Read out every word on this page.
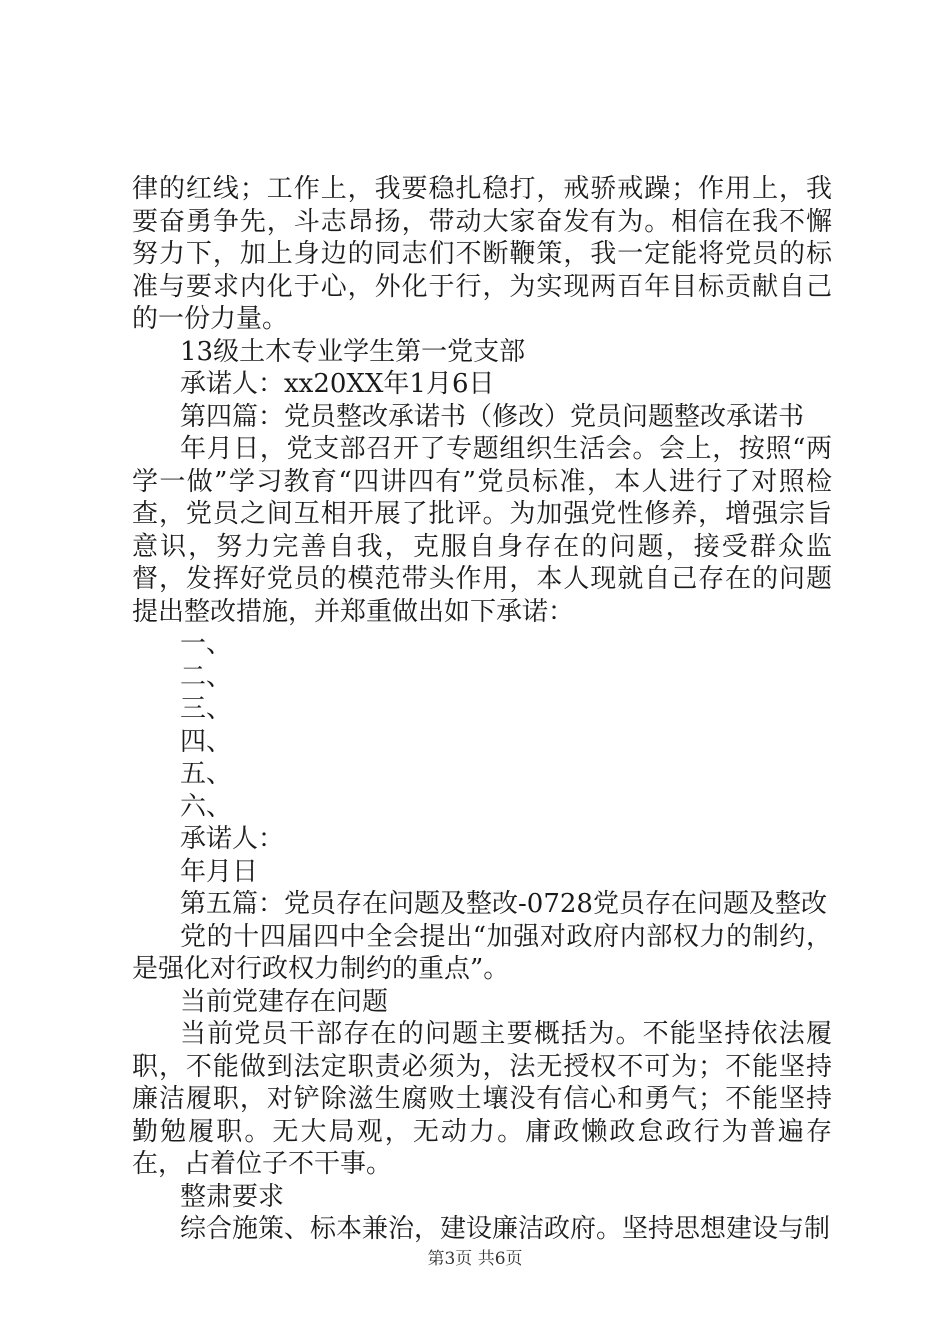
律的红线；工作上，我要稳扎稳打，戒骄戒躁；作用上，我要奋勇争先，斗志昂扬，带动大家奋发有为。相信在我不懈努力下，加上身边的同志们不断鞭策，我一定能将党员的标准与要求内化于心，外化于行，为实现两百年目标贡献自己的一份力量。

13级土木专业学生第一党支部

承诺人：xx20XX年1月6日

第四篇：党员整改承诺书（修改）党员问题整改承诺书

年月日，党支部召开了专题组织生活会。会上，按照“两学一做”学习教育“四讲四有”党员标准，本人进行了对照检查，党员之间互相开展了批评。为加强党性修养，增强宗旨意识，努力完善自我，克服自身存在的问题，接受群众监督，发挥好党员的模范带头作用，本人现就自己存在的问题提出整改措施，并郑重做出如下承诺：

一、

二、

三、

四、

五、

六、

承诺人：

年月日

第五篇：党员存在问题及整改-0728党员存在问题及整改

党的十四届四中全会提出“加强对政府内部权力的制约，是强化对行政权力制约的重点”。

当前党建存在问题

当前党员干部存在的问题主要概括为。不能坚持依法履职，不能做到法定职责必须为，法无授权不可为；不能坚持廉洁履职，对铲除滋生腐败土壤没有信心和勇气；不能坚持勤勉履职。无大局观，无动力。庸政懒政怠政行为普遍存在，占着位子不干事。

整肃要求

综合施策、标本兼治，建设廉洁政府。坚持思想建设与制

第3页 共6页
